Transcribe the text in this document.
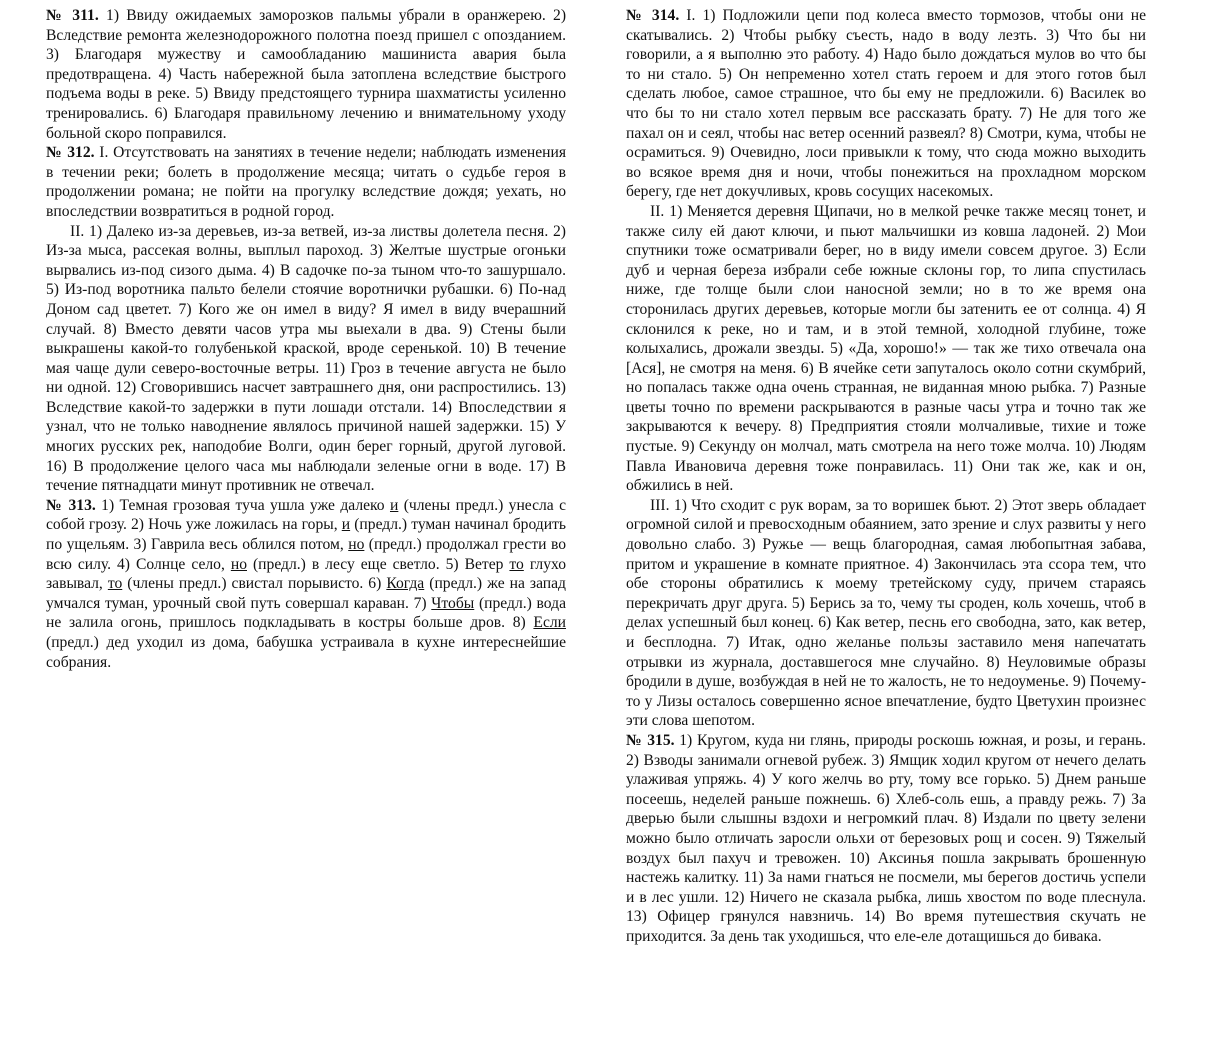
№ 311. 1) Ввиду ожидаемых заморозков пальмы убрали в оранжерею. 2) Вследствие ремонта железнодорожного полотна поезд пришел с опозданием. 3) Благодаря мужеству и самообладанию машиниста авария была предотвращена. 4) Часть набережной была затоплена вследствие быстрого подъема воды в реке. 5) Ввиду предстоящего турнира шахматисты усиленно тренировались. 6) Благодаря правильному лечению и внимательному уходу больной скоро поправился.

№ 312. I. Отсутствовать на занятиях в течение недели; наблюдать изменения в течении реки; болеть в продолжение месяца; читать о судьбе героя в продолжении романа; не пойти на прогулку вследствие дождя; уехать, но впоследствии возвратиться в родной город.

II. 1) Далеко из-за деревьев, из-за ветвей, из-за листвы долетела песня. 2) Из-за мыса, рассекая волны, выплыл пароход. 3) Желтые шустрые огоньки вырвались из-под сизого дыма. 4) В садочке по-за тыном что-то зашуршало. 5) Из-под воротника пальто белели стоячие воротнички рубашки. 6) По-над Доном сад цветет. 7) Кого же он имел в виду? Я имел в виду вчерашний случай. 8) Вместо девяти часов утра мы выехали в два. 9) Стены были выкрашены какой-то голубенькой краской, вроде серенькой. 10) В течение мая чаще дули северо-восточные ветры. 11) Гроз в течение августа не было ни одной. 12) Сговорившись насчет завтрашнего дня, они распростились. 13) Вследствие какой-то задержки в пути лошади отстали. 14) Впоследствии я узнал, что не только наводнение являлось причиной нашей задержки. 15) У многих русских рек, наподобие Волги, один берег горный, другой луговой. 16) В продолжение целого часа мы наблюдали зеленые огни в воде. 17) В течение пятнадцати минут противник не отвечал.

№ 313. 1) Темная грозовая туча ушла уже далеко и (члены предл.) унесла с собой грозу. 2) Ночь уже ложилась на горы, и (предл.) туман начинал бродить по ущельям. 3) Гаврила весь облился потом, но (предл.) продолжал грести во всю силу. 4) Солнце село, но (предл.) в лесу еще светло. 5) Ветер то глухо завывал, то (члены предл.) свистал порывисто. 6) Когда (предл.) же на запад умчался туман, урочный свой путь совершал караван. 7) Чтобы (предл.) вода не залила огонь, пришлось подкладывать в костры больше дров. 8) Если (предл.) дед уходил из дома, бабушка устраивала в кухне интереснейшие собрания.

№ 314. I. 1) Подложили цепи под колеса вместо тормозов, чтобы они не скатывались. 2) Чтобы рыбку съесть, надо в воду лезть. 3) Что бы ни говорили, а я выполню это работу. 4) Надо было дождаться мулов во что бы то ни стало. 5) Он непременно хотел стать героем и для этого готов был сделать любое, самое страшное, что бы ему не предложили. 6) Василек во что бы то ни стало хотел первым все рассказать брату. 7) Не для того же пахал он и сеял, чтобы нас ветер осенний развеял? 8) Смотри, кума, чтобы не осрамиться. 9) Очевидно, лоси привыкли к тому, что сюда можно выходить во всякое время дня и ночи, чтобы понежиться на прохладном морском берегу, где нет докучливых, кровь сосущих насекомых.

II. 1) Меняется деревня Щипачи, но в мелкой речке также месяц тонет, и также силу ей дают ключи, и пьют мальчишки из ковша ладоней. 2) Мои спутники тоже осматривали берег, но в виду имели совсем другое. 3) Если дуб и черная береза избрали себе южные склоны гор, то липа спустилась ниже, где толще были слои наносной земли; но в то же время она сторонилась других деревьев, которые могли бы затенить ее от солнца. 4) Я склонился к реке, но и там, и в этой темной, холодной глубине, тоже колыхались, дрожали звезды. 5) «Да, хорошо!» — так же тихо отвечала она [Ася], не смотря на меня. 6) В ячейке сети запуталось около сотни скумбрий, но попалась также одна очень странная, не виданная мною рыбка. 7) Разные цветы точно по времени раскрываются в разные часы утра и точно так же закрываются к вечеру. 8) Предприятия стояли молчаливые, тихие и тоже пустые. 9) Секунду он молчал, мать смотрела на него тоже молча. 10) Людям Павла Ивановича деревня тоже понравилась. 11) Они так же, как и он, обжились в ней.

III. 1) Что сходит с рук ворам, за то воришек бьют. 2) Этот зверь обладает огромной силой и превосходным обаянием, зато зрение и слух развиты у него довольно слабо. 3) Ружье — вещь благородная, самая любопытная забава, притом и украшение в комнате приятное. 4) Закончилась эта ссора тем, что обе стороны обратились к моему третейскому суду, причем стараясь перекричать друг друга. 5) Берись за то, чему ты сроден, коль хочешь, чтоб в делах успешный был конец. 6) Как ветер, песнь его свободна, зато, как ветер, и бесплодна. 7) Итак, одно желанье пользы заставило меня напечатать отрывки из журнала, доставшегося мне случайно. 8) Неуловимые образы бродили в душе, возбуждая в ней не то жалость, не то недоуменье. 9) Почему-то у Лизы осталось совершенно ясное впечатление, будто Цветухин произнес эти слова шепотом.

№ 315. 1) Кругом, куда ни глянь, природы роскошь южная, и розы, и герань. 2) Взводы занимали огневой рубеж. 3) Ямщик ходил кругом от нечего делать улаживая упряжь. 4) У кого желчь во рту, тому все горько. 5) Днем раньше посеешь, неделей раньше пожнешь. 6) Хлеб-соль ешь, а правду режь. 7) За дверью были слышны вздохи и негромкий плач. 8) Издали по цвету зелени можно было отличать заросли ольхи от березовых рощ и сосен. 9) Тяжелый воздух был пахуч и тревожен. 10) Аксинья пошла закрывать брошенную настежь калитку. 11) За нами гнаться не посмели, мы берегов достичь успели и в лес ушли. 12) Ничего не сказала рыбка, лишь хвостом по воде плеснула. 13) Офицер грянулся навзничь. 14) Во время путешествия скучать не приходится. За день так уходишься, что еле-еле дотащишься до бивака.
